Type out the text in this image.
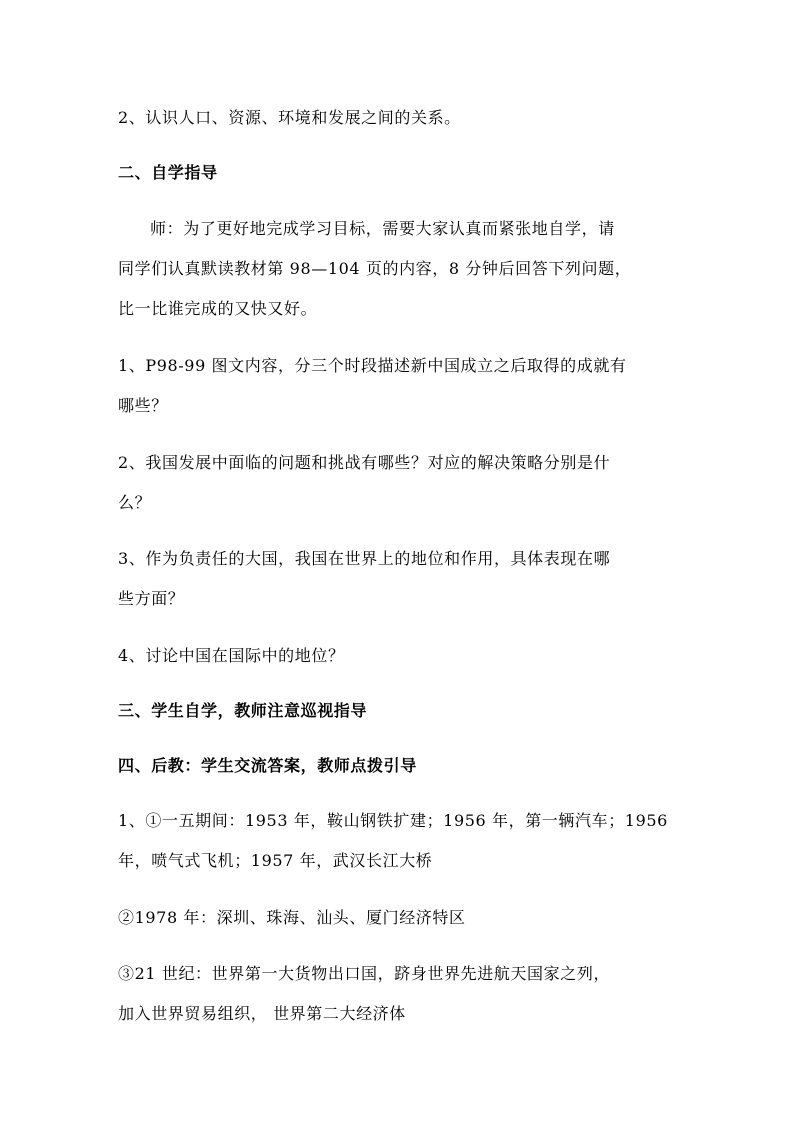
2、认识人口、资源、环境和发展之间的关系。
二、自学指导
师：为了更好地完成学习目标，需要大家认真而紧张地自学，请
同学们认真默读教材第 98—104 页的内容，8 分钟后回答下列问题，
比一比谁完成的又快又好。
1、P98-99 图文内容，分三个时段描述新中国成立之后取得的成就有
哪些？
2、我国发展中面临的问题和挑战有哪些？对应的解决策略分别是什
么？
3、作为负责任的大国，我国在世界上的地位和作用，具体表现在哪
些方面？
4、讨论中国在国际中的地位？
三、学生自学，教师注意巡视指导
四、后教：学生交流答案，教师点拨引导
1、①一五期间：1953 年，鞍山钢铁扩建；1956 年，第一辆汽车；1956
年，喷气式飞机；1957 年，武汉长江大桥
②1978 年：深圳、珠海、汕头、厦门经济特区
③21 世纪：世界第一大货物出口国，跻身世界先进航天国家之列，
加入世界贸易组织， 世界第二大经济体
